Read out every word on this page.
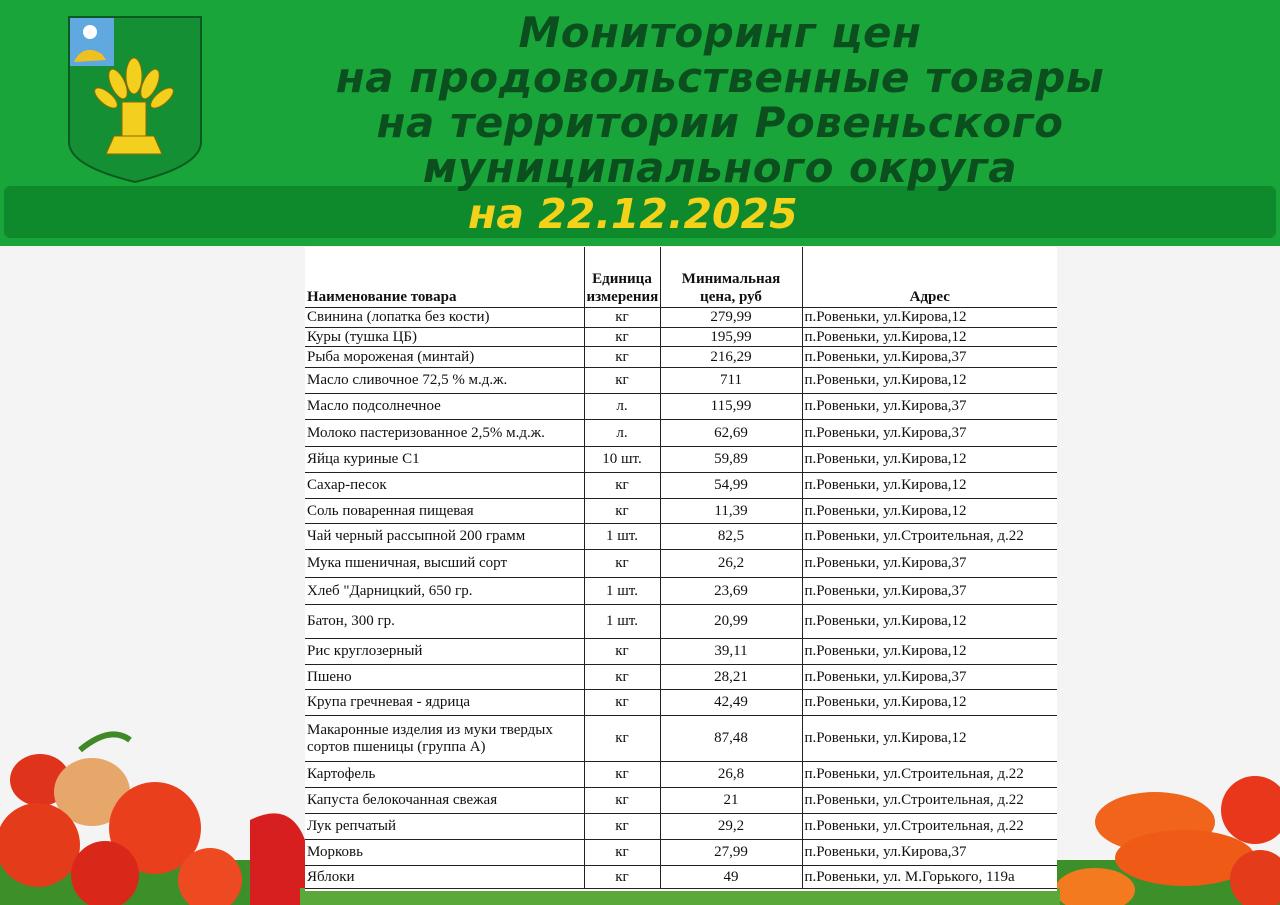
Мониторинг цен
на продовольственные товары
на территории Ровеньского
муниципального округа
на 22.12.2025
Наименование товара	Единица измерения	Минимальная цена, руб	Адрес
Свинина (лопатка без кости)	кг	279,99	п.Ровеньки, ул.Кирова,12
Куры (тушка ЦБ)	кг	195,99	п.Ровеньки, ул.Кирова,12
Рыба мороженая (минтай)	кг	216,29	п.Ровеньки, ул.Кирова,37
Масло сливочное 72,5 % м.д.ж.	кг	711	п.Ровеньки, ул.Кирова,12
Масло подсолнечное	л.	115,99	п.Ровеньки, ул.Кирова,37
Молоко пастеризованное 2,5% м.д.ж.	л.	62,69	п.Ровеньки, ул.Кирова,37
Яйца куриные С1	10 шт.	59,89	п.Ровеньки, ул.Кирова,12
Сахар-песок	кг	54,99	п.Ровеньки, ул.Кирова,12
Соль поваренная пищевая	кг	11,39	п.Ровеньки, ул.Кирова,12
Чай черный рассыпной 200 грамм	1 шт.	82,5	п.Ровеньки, ул.Строительная, д.22
Мука пшеничная, высший сорт	кг	26,2	п.Ровеньки, ул.Кирова,37
Хлеб "Дарницкий, 650 гр.	1 шт.	23,69	п.Ровеньки, ул.Кирова,37
Батон, 300 гр.	1 шт.	20,99	п.Ровеньки, ул.Кирова,12
Рис круглозерный	кг	39,11	п.Ровеньки, ул.Кирова,12
Пшено	кг	28,21	п.Ровеньки, ул.Кирова,37
Крупа гречневая - ядрица	кг	42,49	п.Ровеньки, ул.Кирова,12
Макаронные изделия из муки твердых сортов пшеницы (группа А)	кг	87,48	п.Ровеньки, ул.Кирова,12
Картофель	кг	26,8	п.Ровеньки, ул.Строительная, д.22
Капуста белокочанная свежая	кг	21	п.Ровеньки, ул.Строительная, д.22
Лук репчатый	кг	29,2	п.Ровеньки, ул.Строительная, д.22
Морковь	кг	27,99	п.Ровеньки, ул.Кирова,37
Яблоки	кг	49	п.Ровеньки, ул. М.Горького, 119а
